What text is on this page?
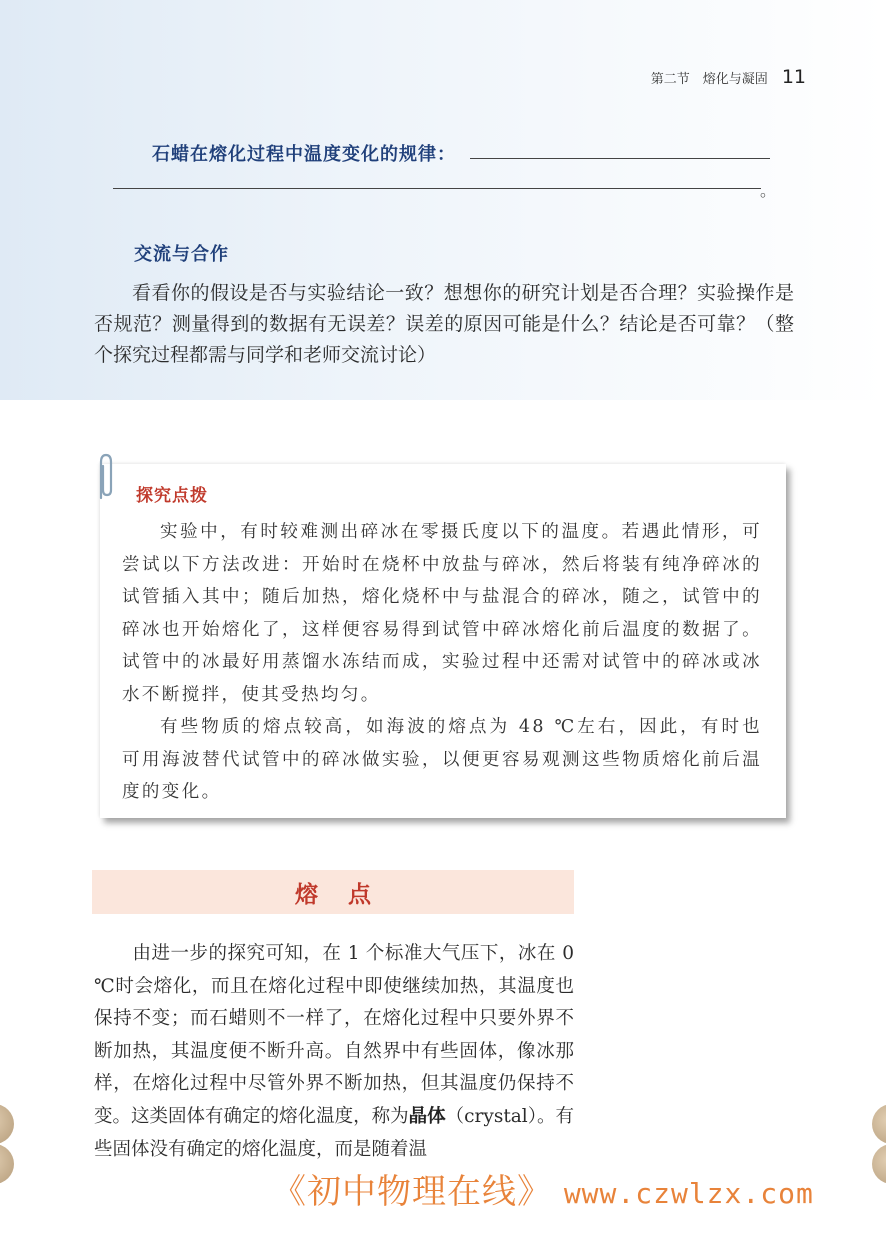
第二节　熔化与凝固 11
石蜡在熔化过程中温度变化的规律：
。
交流与合作
看看你的假设是否与实验结论一致？想想你的研究计划是否合理？实验操作是否规范？测量得到的数据有无误差？误差的原因可能是什么？结论是否可靠？（整个探究过程都需与同学和老师交流讨论）
探究点拨

实验中，有时较难测出碎冰在零摄氏度以下的温度。若遇此情形，可尝试以下方法改进：开始时在烧杯中放盐与碎冰，然后将装有纯净碎冰的试管插入其中；随后加热，熔化烧杯中与盐混合的碎冰，随之，试管中的碎冰也开始熔化了，这样便容易得到试管中碎冰熔化前后温度的数据了。试管中的冰最好用蒸馏水冻结而成，实验过程中还需对试管中的碎冰或冰水不断搅拌，使其受热均匀。

有些物质的熔点较高，如海波的熔点为 48 ℃左右，因此，有时也可用海波替代试管中的碎冰做实验，以便更容易观测这些物质熔化前后温度的变化。

熔点
由进一步的探究可知，在 1 个标准大气压下，冰在 0 ℃时会熔化，而且在熔化过程中即使继续加热，其温度也保持不变；而石蜡则不一样了，在熔化过程中只要外界不断加热，其温度便不断升高。自然界中有些固体，像冰那样，在熔化过程中尽管外界不断加热，但其温度仍保持不变。这类固体有确定的熔化温度，称为晶体（crystal）。有些固体没有确定的熔化温度，而是随着温
《初中物理在线》 www.czwlzx.com
